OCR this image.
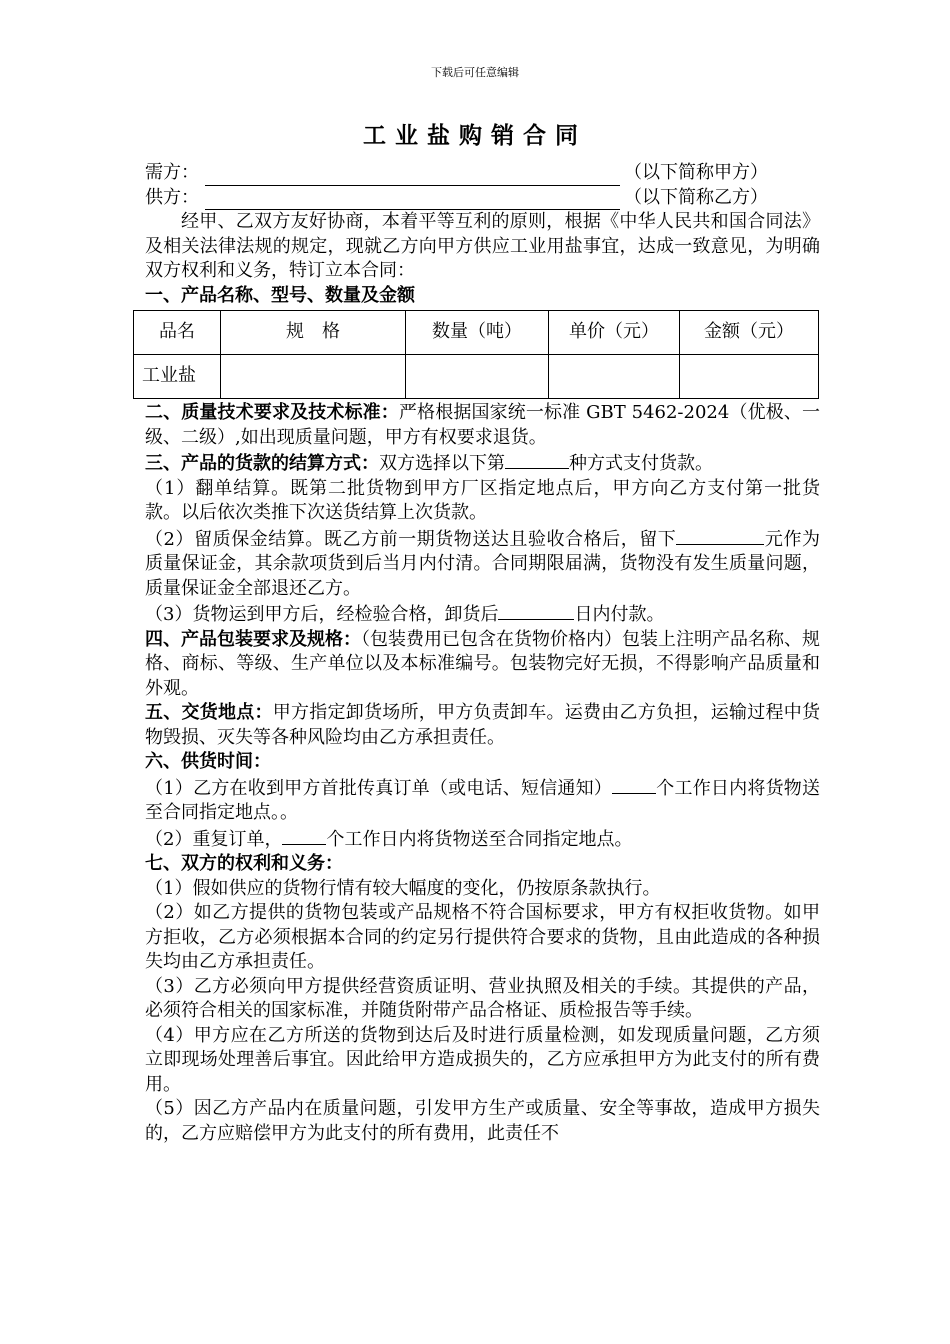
下载后可任意编辑
工业盐购销合同
需方：	（以下简称甲方）
供方：	（以下简称乙方）

经甲、乙双方友好协商，本着平等互利的原则，根据《中华人民共和国合同法》及相关法律法规的规定，现就乙方向甲方供应工业用盐事宜，达成一致意见，为明确双方权利和义务，特订立本合同：

一、产品名称、型号、数量及金额

品名	规　格	数量（吨）	单价（元）	金额（元）
工业盐				

二、质量技术要求及技术标准：严格根据国家统一标准 GBT 5462-2024（优极、一级、二级）,如出现质量问题，甲方有权要求退货。

三、产品的货款的结算方式：双方选择以下第	种方式支付货款。

（1）翻单结算。既第二批货物到甲方厂区指定地点后，甲方向乙方支付第一批货款。以后依次类推下次送货结算上次货款。

（2）留质保金结算。既乙方前一期货物送达且验收合格后，留下	元作为质量保证金，其余款项货到后当月内付清。合同期限届满，货物没有发生质量问题，质量保证金全部退还乙方。

（3）货物运到甲方后，经检验合格，卸货后	日内付款。

四、产品包装要求及规格：（包装费用已包含在货物价格内）包装上注明产品名称、规格、商标、等级、生产单位以及本标准编号。包装物完好无损，不得影响产品质量和外观。

五、交货地点：甲方指定卸货场所，甲方负责卸车。运费由乙方负担，运输过程中货物毁损、灭失等各种风险均由乙方承担责任。

六、供货时间：

（1）乙方在收到甲方首批传真订单（或电话、短信通知） 个工作日内将货物送至合同指定地点。。

（2）重复订单， 个工作日内将货物送至合同指定地点。

七、双方的权利和义务：

（1）假如供应的货物行情有较大幅度的变化，仍按原条款执行。

（2）如乙方提供的货物包装或产品规格不符合国标要求，甲方有权拒收货物。如甲方拒收，乙方必须根据本合同的约定另行提供符合要求的货物，且由此造成的各种损失均由乙方承担责任。

（3）乙方必须向甲方提供经营资质证明、营业执照及相关的手续。其提供的产品，必须符合相关的国家标准，并随货附带产品合格证、质检报告等手续。

（4）甲方应在乙方所送的货物到达后及时进行质量检测，如发现质量问题，乙方须立即现场处理善后事宜。因此给甲方造成损失的，乙方应承担甲方为此支付的所有费用。

（5）因乙方产品内在质量问题，引发甲方生产或质量、安全等事故，造成甲方损失的，乙方应赔偿甲方为此支付的所有费用，此责任不
